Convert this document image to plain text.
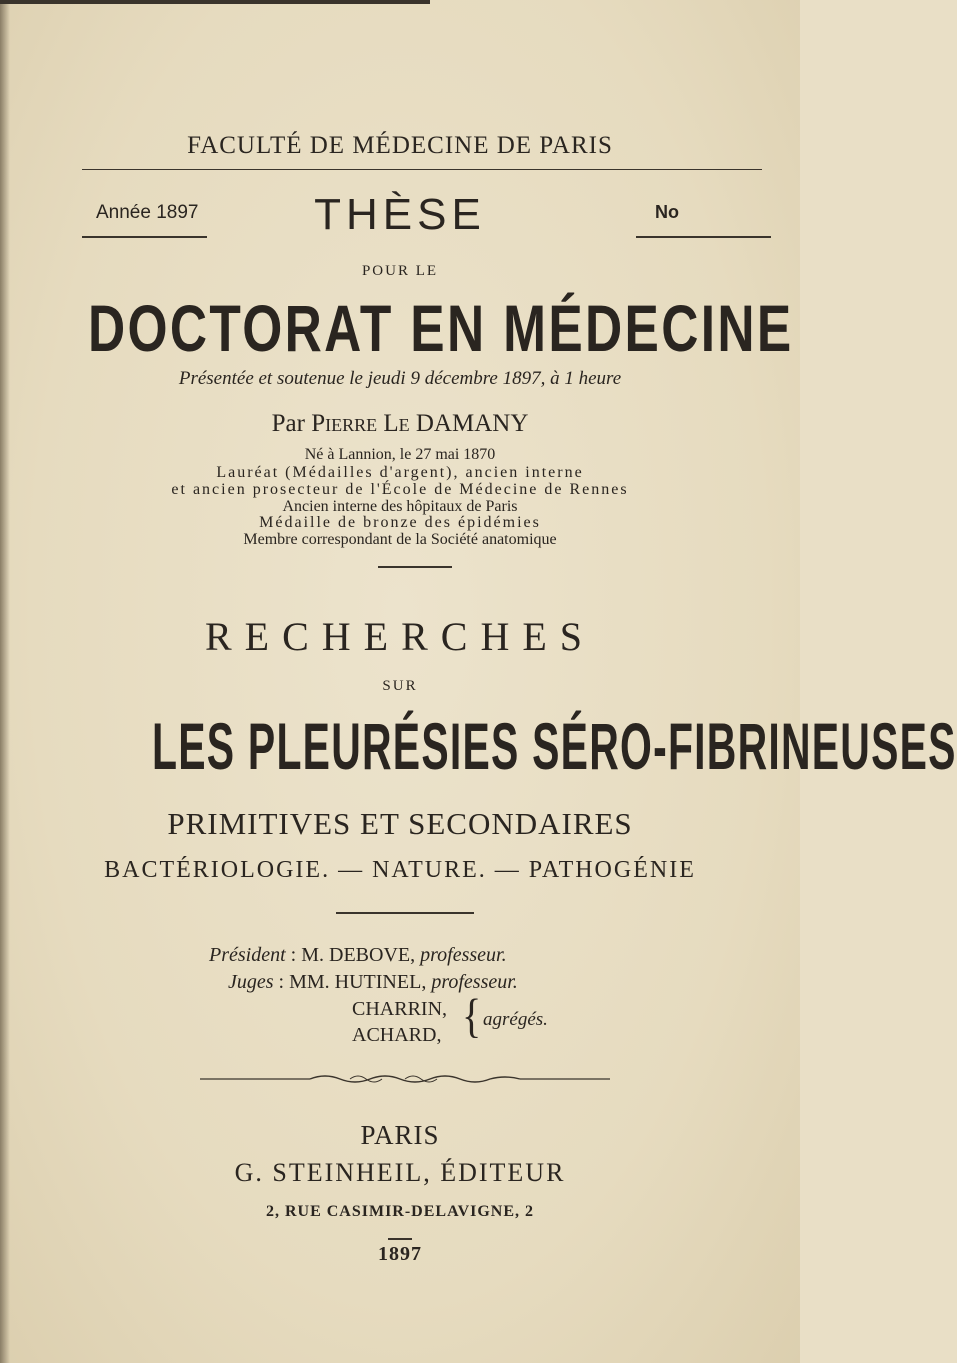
FACULTÉ DE MÉDECINE DE PARIS
Année 1897	THÈSE	No
POUR LE
DOCTORAT EN MÉDECINE
Présentée et soutenue le jeudi 9 décembre 1897, à 1 heure
Par Pierre Le DAMANY
Né à Lannion, le 27 mai 1870
Lauréat (Médailles d'argent), ancien interne
et ancien prosecteur de l'École de Médecine de Rennes
Ancien interne des hôpitaux de Paris
Médaille de bronze des épidémies
Membre correspondant de la Société anatomique
RECHERCHES
SUR
LES PLEURÉSIES SÉRO-FIBRINEUSES
PRIMITIVES ET SECONDAIRES
BACTÉRIOLOGIE. — NATURE. — PATHOGÉNIE
Président : M. DEBOVE, professeur.
Juges : MM. HUTINEL, professeur.
CHARRIN,
ACHARD, { agrégés.
PARIS
G. STEINHEIL, ÉDITEUR
2, RUE CASIMIR-DELAVIGNE, 2
1897
